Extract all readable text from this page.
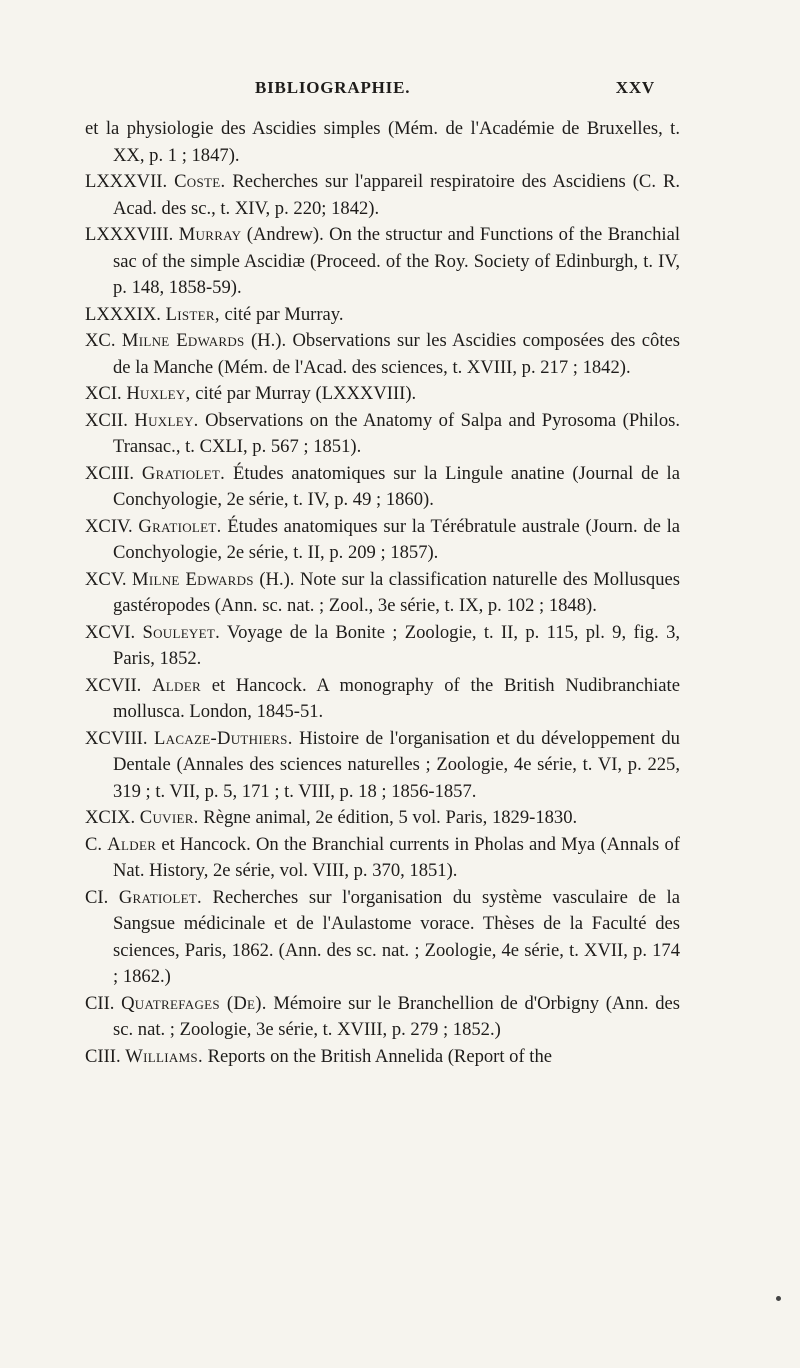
BIBLIOGRAPHIE.	XXV
et la physiologie des Ascidies simples (Mém. de l'Académie de Bruxelles, t. XX, p. 1 ; 1847).
LXXXVII. Coste. Recherches sur l'appareil respiratoire des Ascidiens (C. R. Acad. des sc., t. XIV, p. 220; 1842).
LXXXVIII. Murray (Andrew). On the structur and Functions of the Branchial sac of the simple Ascidiæ (Proceed. of the Roy. Society of Edinburgh, t. IV, p. 148, 1858-59).
LXXXIX. Lister, cité par Murray.
XC. Milne Edwards (H.). Observations sur les Ascidies composées des côtes de la Manche (Mém. de l'Acad. des sciences, t. XVIII, p. 217 ; 1842).
XCI. Huxley, cité par Murray (LXXXVIII).
XCII. Huxley. Observations on the Anatomy of Salpa and Pyrosoma (Philos. Transac., t. CXLI, p. 567 ; 1851).
XCIII. Gratiolet. Études anatomiques sur la Lingule anatine (Journal de la Conchyologie, 2e série, t. IV, p. 49 ; 1860).
XCIV. Gratiolet. Études anatomiques sur la Térébratule australe (Journ. de la Conchyologie, 2e série, t. II, p. 209 ; 1857).
XCV. Milne Edwards (H.). Note sur la classification naturelle des Mollusques gastéropodes (Ann. sc. nat. ; Zool., 3e série, t. IX, p. 102 ; 1848).
XCVI. Souleyet. Voyage de la Bonite ; Zoologie, t. II, p. 115, pl. 9, fig. 3, Paris, 1852.
XCVII. Alder et Hancock. A monography of the British Nudibranchiate mollusca. London, 1845-51.
XCVIII. Lacaze-Duthiers. Histoire de l'organisation et du développement du Dentale (Annales des sciences naturelles ; Zoologie, 4e série, t. VI, p. 225, 319 ; t. VII, p. 5, 171 ; t. VIII, p. 18 ; 1856-1857.
XCIX. Cuvier. Règne animal, 2e édition, 5 vol. Paris, 1829-1830.
C. Alder et Hancock. On the Branchial currents in Pholas and Mya (Annals of Nat. History, 2e série, vol. VIII, p. 370, 1851).
CI. Gratiolet. Recherches sur l'organisation du système vasculaire de la Sangsue médicinale et de l'Aulastome vorace. Thèses de la Faculté des sciences, Paris, 1862. (Ann. des sc. nat. ; Zoologie, 4e série, t. XVII, p. 174 ; 1862.)
CII. Quatrefages (De). Mémoire sur le Branchellion de d'Orbigny (Ann. des sc. nat. ; Zoologie, 3e série, t. XVIII, p. 279 ; 1852.)
CIII. Williams. Reports on the British Annelida (Report of the
